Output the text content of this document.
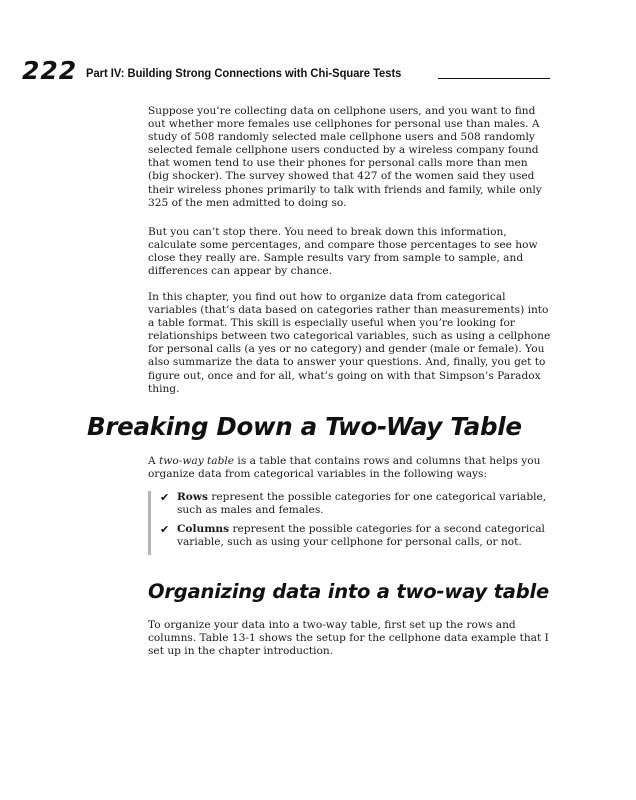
222 Part IV: Building Strong Connections with Chi-Square Tests

Suppose you’re collecting data on cellphone users, and you want to find out whether more females use cellphones for personal use than males. A study of 508 randomly selected male cellphone users and 508 randomly selected female cellphone users conducted by a wireless company found that women tend to use their phones for personal calls more than men (big shocker). The survey showed that 427 of the women said they used their wireless phones primarily to talk with friends and family, while only 325 of the men admitted to doing so.

But you can’t stop there. You need to break down this information, calculate some percentages, and compare those percentages to see how close they really are. Sample results vary from sample to sample, and differences can appear by chance.

In this chapter, you find out how to organize data from categorical variables (that’s data based on categories rather than measurements) into a table format. This skill is especially useful when you’re looking for relationships between two categorical variables, such as using a cellphone for personal calls (a yes or no category) and gender (male or female). You also summarize the data to answer your questions. And, finally, you get to figure out, once and for all, what’s going on with that Simpson’s Paradox thing.

Breaking Down a Two-Way Table

A two-way table is a table that contains rows and columns that helps you organize data from categorical variables in the following ways:

✔ Rows represent the possible categories for one categorical variable, such as males and females.
✔ Columns represent the possible categories for a second categorical variable, such as using your cellphone for personal calls, or not.
Organizing data into a two-way table

To organize your data into a two-way table, first set up the rows and columns. Table 13-1 shows the setup for the cellphone data example that I set up in the chapter introduction.
